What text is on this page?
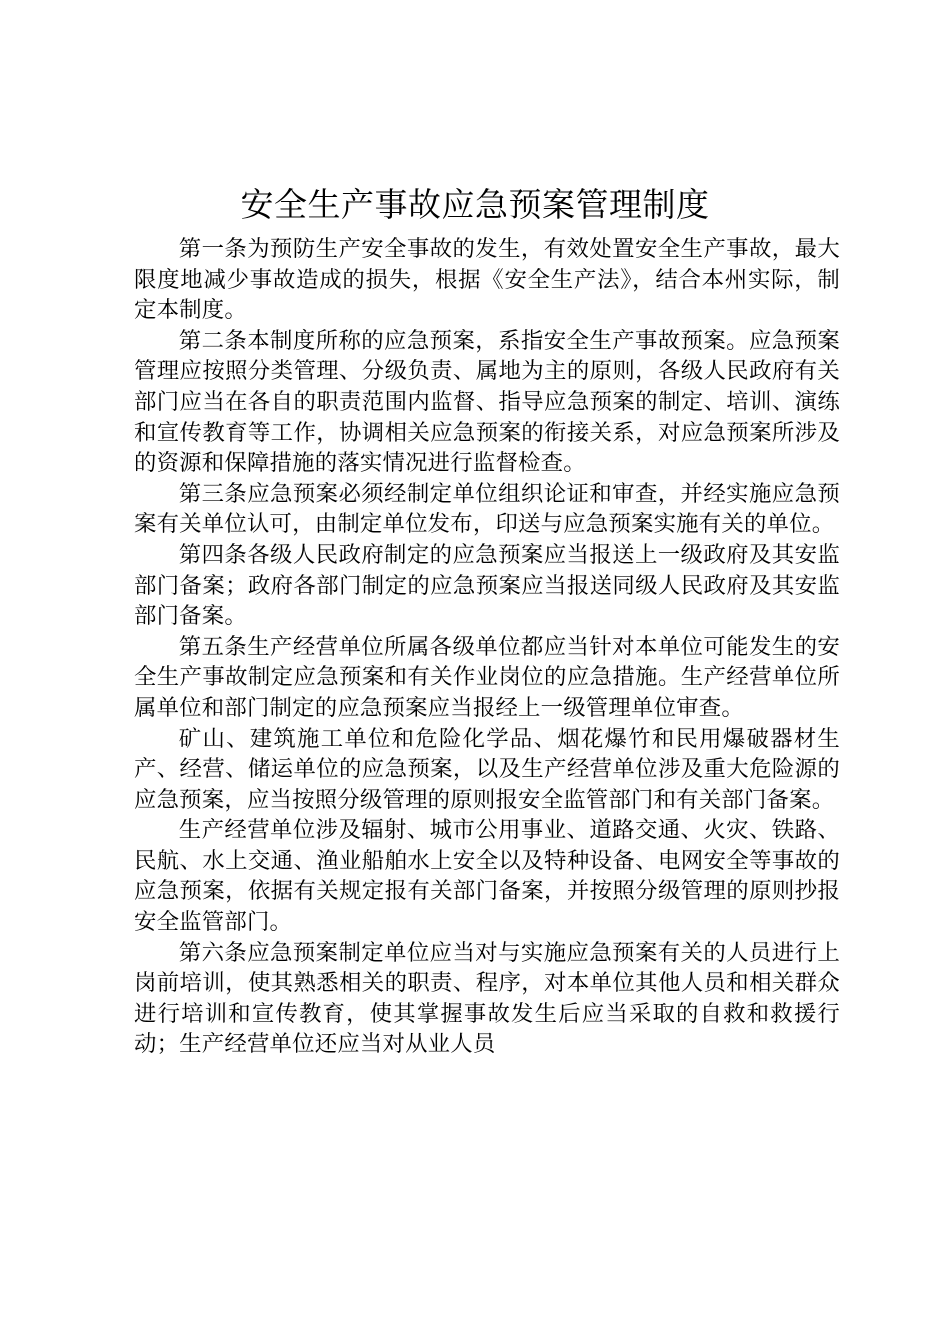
安全生产事故应急预案管理制度

第一条为预防生产安全事故的发生，有效处置安全生产事故，最大限度地减少事故造成的损失，根据《安全生产法》，结合本州实际，制定本制度。

第二条本制度所称的应急预案，系指安全生产事故预案。应急预案管理应按照分类管理、分级负责、属地为主的原则，各级人民政府有关部门应当在各自的职责范围内监督、指导应急预案的制定、培训、演练和宣传教育等工作，协调相关应急预案的衔接关系，对应急预案所涉及的资源和保障措施的落实情况进行监督检查。

第三条应急预案必须经制定单位组织论证和审查，并经实施应急预案有关单位认可，由制定单位发布，印送与应急预案实施有关的单位。

第四条各级人民政府制定的应急预案应当报送上一级政府及其安监部门备案；政府各部门制定的应急预案应当报送同级人民政府及其安监部门备案。

第五条生产经营单位所属各级单位都应当针对本单位可能发生的安全生产事故制定应急预案和有关作业岗位的应急措施。生产经营单位所属单位和部门制定的应急预案应当报经上一级管理单位审查。

矿山、建筑施工单位和危险化学品、烟花爆竹和民用爆破器材生产、经营、储运单位的应急预案，以及生产经营单位涉及重大危险源的应急预案，应当按照分级管理的原则报安全监管部门和有关部门备案。

生产经营单位涉及辐射、城市公用事业、道路交通、火灾、铁路、民航、水上交通、渔业船舶水上安全以及特种设备、电网安全等事故的应急预案，依据有关规定报有关部门备案，并按照分级管理的原则抄报安全监管部门。

第六条应急预案制定单位应当对与实施应急预案有关的人员进行上岗前培训，使其熟悉相关的职责、程序，对本单位其他人员和相关群众进行培训和宣传教育，使其掌握事故发生后应当采取的自救和救援行动；生产经营单位还应当对从业人员
